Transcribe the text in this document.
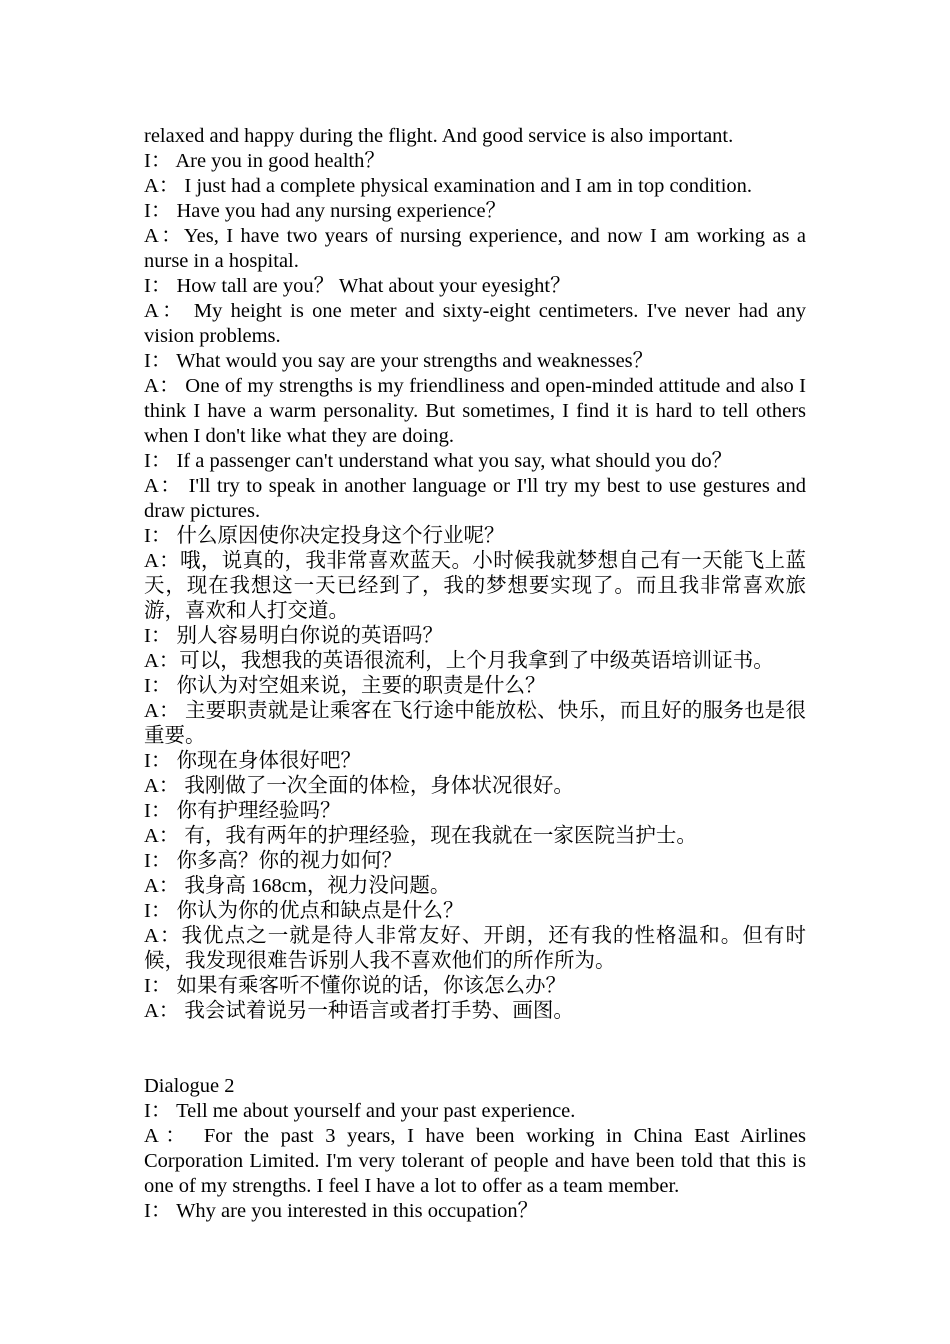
relaxed and happy during the flight. And good service is also important.
I： Are you in good health？
A： I just had a complete physical examination and I am in top condition.
I： Have you had any nursing experience？
A：Yes, I have two years of nursing experience, and now I am working as a nurse in a hospital.
I： How tall are you？ What about your eyesight？
A： My height is one meter and sixty-eight centimeters. I've never had any vision problems.
I： What would you say are your strengths and weaknesses？
A： One of my strengths is my friendliness and open-minded attitude and also I think I have a warm personality. But sometimes, I find it is hard to tell others when I don't like what they are doing.
I： If a passenger can't understand what you say, what should you do？
A： I'll try to speak in another language or I'll try my best to use gestures and draw pictures.
I： 什么原因使你决定投身这个行业呢？
A：哦，说真的，我非常喜欢蓝天。小时候我就梦想自己有一天能飞上蓝天，现在我想这一天已经到了，我的梦想要实现了。而且我非常喜欢旅游，喜欢和人打交道。
I： 别人容易明白你说的英语吗？
A：可以，我想我的英语很流利，上个月我拿到了中级英语培训证书。
I： 你认为对空姐来说，主要的职责是什么？
A： 主要职责就是让乘客在飞行途中能放松、快乐，而且好的服务也是很重要。
I： 你现在身体很好吧？
A： 我刚做了一次全面的体检，身体状况很好。
I： 你有护理经验吗？
A： 有，我有两年的护理经验，现在我就在一家医院当护士。
I： 你多高？你的视力如何？
A： 我身高 168cm，视力没问题。
I： 你认为你的优点和缺点是什么？
A：我优点之一就是待人非常友好、开朗，还有我的性格温和。但有时候，我发现很难告诉别人我不喜欢他们的所作所为。
I： 如果有乘客听不懂你说的话，你该怎么办？
A： 我会试着说另一种语言或者打手势、画图。
Dialogue 2
I： Tell me about yourself and your past experience.
A： For the past 3 years, I have been working in China East Airlines Corporation Limited. I'm very tolerant of people and have been told that this is one of my strengths. I feel I have a lot to offer as a team member.
I： Why are you interested in this occupation？
